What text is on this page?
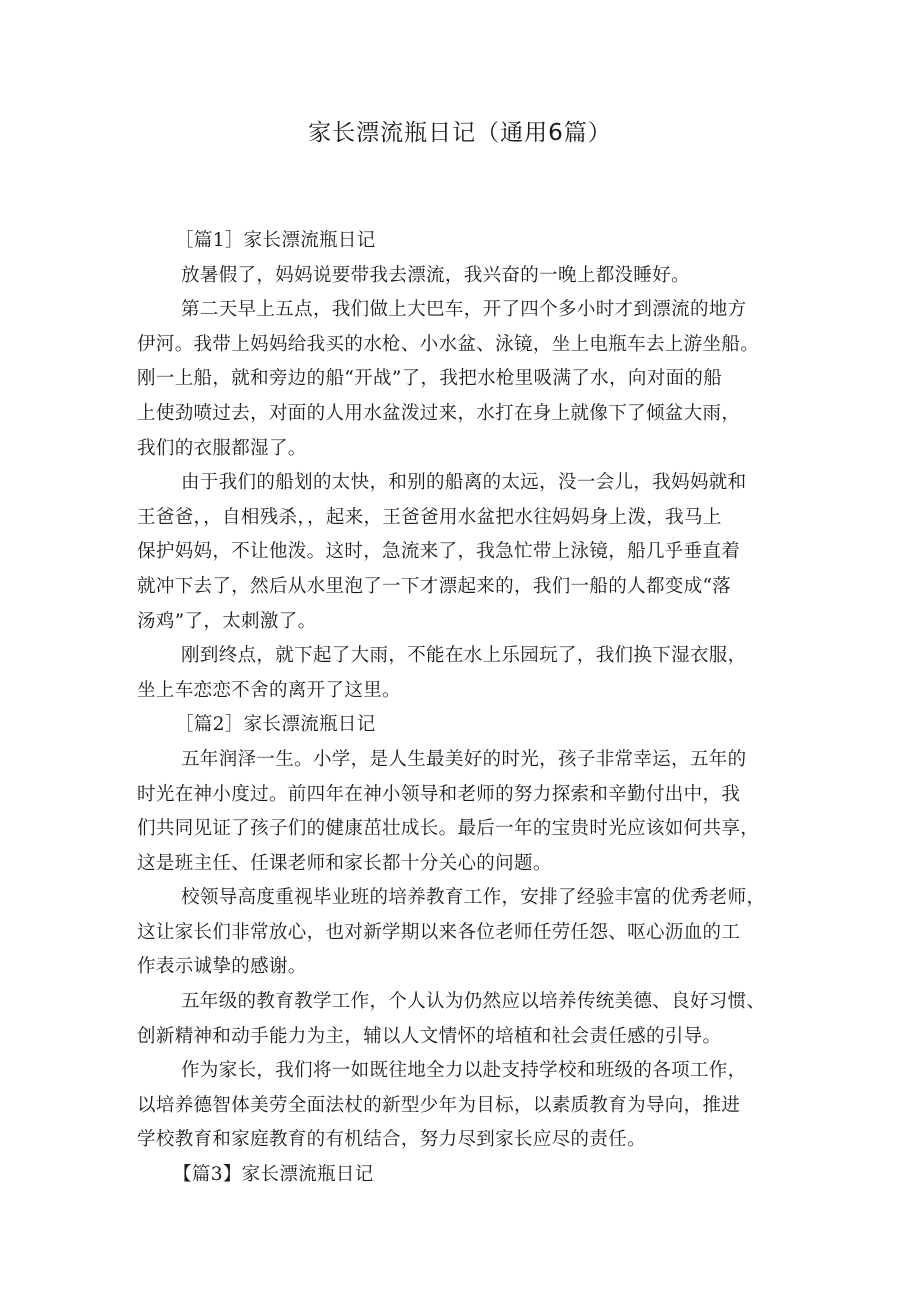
家长漂流瓶日记（通用6篇）
［篇1］家长漂流瓶日记
放暑假了，妈妈说要带我去漂流，我兴奋的一晚上都没睡好。
第二天早上五点，我们做上大巴车，开了四个多小时才到漂流的地方
伊河。我带上妈妈给我买的水枪、小水盆、泳镜，坐上电瓶车去上游坐船。
刚一上船，就和旁边的船“开战”了，我把水枪里吸满了水，向对面的船
上使劲喷过去，对面的人用水盆泼过来，水打在身上就像下了倾盆大雨，
我们的衣服都湿了。
由于我们的船划的太快，和别的船离的太远，没一会儿，我妈妈就和
王爸爸，，自相残杀，，起来，王爸爸用水盆把水往妈妈身上泼，我马上
保护妈妈，不让他泼。这时，急流来了，我急忙带上泳镜，船几乎垂直着
就冲下去了，然后从水里泡了一下才漂起来的，我们一船的人都变成“落
汤鸡”了，太刺激了。
刚到终点，就下起了大雨，不能在水上乐园玩了，我们换下湿衣服，
坐上车恋恋不舍的离开了这里。
［篇2］家长漂流瓶日记
五年润泽一生。小学，是人生最美好的时光，孩子非常幸运，五年的
时光在神小度过。前四年在神小领导和老师的努力探索和辛勤付出中，我
们共同见证了孩子们的健康茁壮成长。最后一年的宝贵时光应该如何共享，
这是班主任、任课老师和家长都十分关心的问题。
校领导高度重视毕业班的培养教育工作，安排了经验丰富的优秀老师，
这让家长们非常放心，也对新学期以来各位老师任劳任怨、呕心沥血的工
作表示诚挚的感谢。
五年级的教育教学工作，个人认为仍然应以培养传统美德、良好习惯、
创新精神和动手能力为主，辅以人文情怀的培植和社会责任感的引导。
作为家长，我们将一如既往地全力以赴支持学校和班级的各项工作，
以培养德智体美劳全面法杖的新型少年为目标，以素质教育为导向，推进
学校教育和家庭教育的有机结合，努力尽到家长应尽的责任。
【篇3】家长漂流瓶日记
